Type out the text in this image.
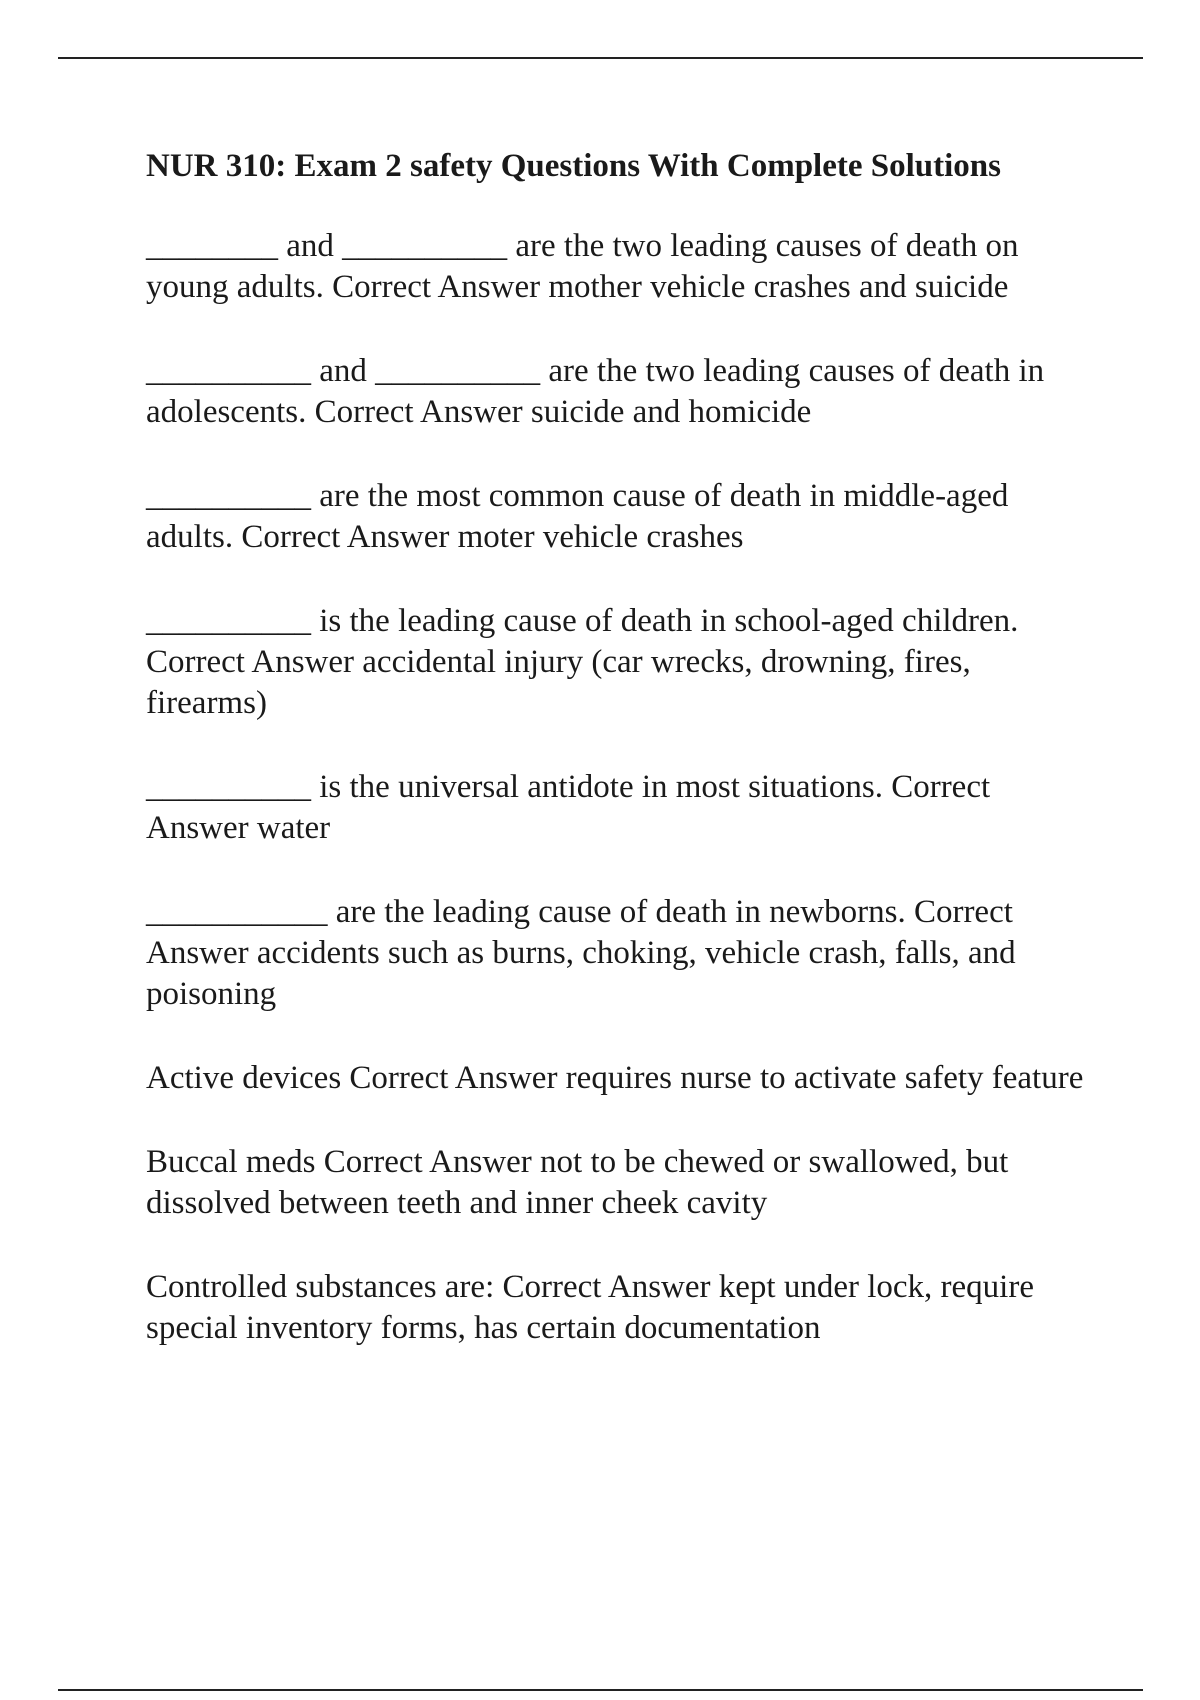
NUR 310: Exam 2 safety Questions With Complete Solutions

________ and __________ are the two leading causes of death on young adults. Correct Answer mother vehicle crashes and suicide

__________ and __________ are the two leading causes of death in adolescents. Correct Answer suicide and homicide

__________ are the most common cause of death in middle-aged adults. Correct Answer moter vehicle crashes

__________ is the leading cause of death in school-aged children. Correct Answer accidental injury (car wrecks, drowning, fires, firearms)

__________ is the universal antidote in most situations. Correct Answer water

___________ are the leading cause of death in newborns. Correct Answer accidents such as burns, choking, vehicle crash, falls, and poisoning

Active devices Correct Answer requires nurse to activate safety feature

Buccal meds Correct Answer not to be chewed or swallowed, but dissolved between teeth and inner cheek cavity

Controlled substances are: Correct Answer kept under lock, require special inventory forms, has certain documentation
